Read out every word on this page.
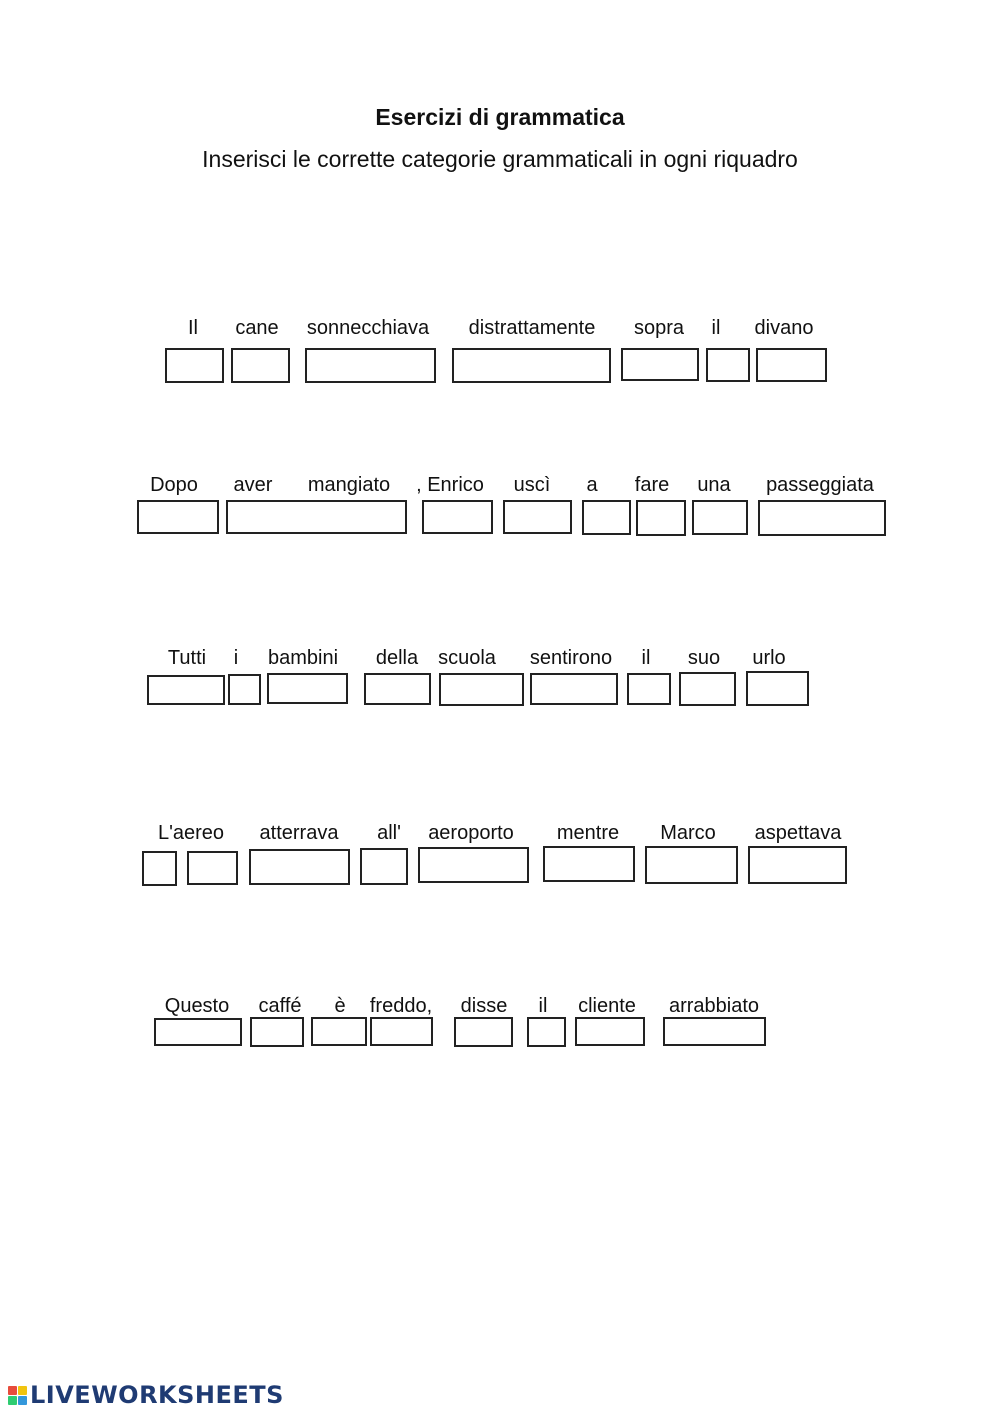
Esercizi di grammatica

Inserisci le corrette categorie grammaticali in ogni riquadro

Il cane sonnecchiava distrattamente sopra il divano
Dopo aver mangiato , Enrico uscì a fare una passeggiata
Tutti i bambini della scuola sentirono il suo urlo
L'aereo atterrava all' aeroporto mentre Marco aspettava
Questo caffé è freddo, disse il cliente arrabbiato
LIVEWORKSHEETS
